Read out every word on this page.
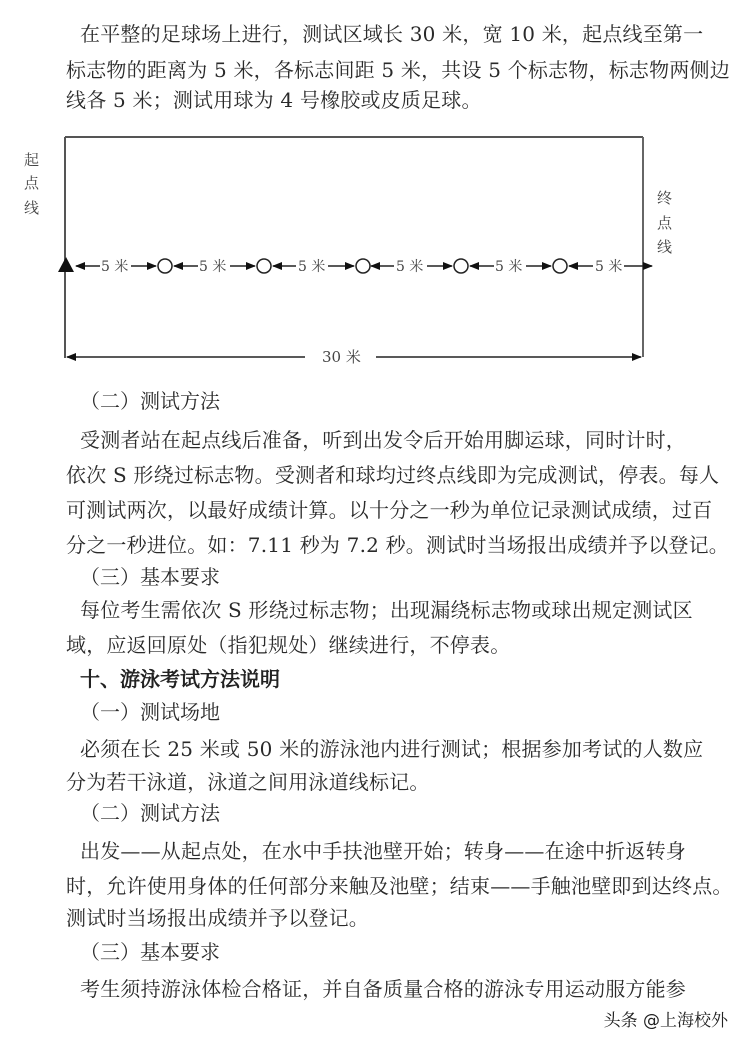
在平整的足球场上进行，测试区域长 30 米，宽 10 米，起点线至第一
标志物的距离为 5 米，各标志间距 5 米，共设 5 个标志物，标志物两侧边
线各 5 米；测试用球为 4 号橡胶或皮质足球。
起
点
线
终
点
线
5 米	5 米	5 米	5 米	5 米	5 米
30 米
（二）测试方法
受测者站在起点线后准备，听到出发令后开始用脚运球，同时计时，
依次 S 形绕过标志物。受测者和球均过终点线即为完成测试，停表。每人
可测试两次，以最好成绩计算。以十分之一秒为单位记录测试成绩，过百
分之一秒进位。如：7.11 秒为 7.2 秒。测试时当场报出成绩并予以登记。
（三）基本要求
每位考生需依次 S 形绕过标志物；出现漏绕标志物或球出规定测试区
域，应返回原处（指犯规处）继续进行，不停表。
十、游泳考试方法说明
（一）测试场地
必须在长 25 米或 50 米的游泳池内进行测试；根据参加考试的人数应
分为若干泳道，泳道之间用泳道线标记。
（二）测试方法
出发——从起点处，在水中手扶池壁开始；转身——在途中折返转身
时，允许使用身体的任何部分来触及池壁；结束——手触池壁即到达终点。
测试时当场报出成绩并予以登记。
（三）基本要求
考生须持游泳体检合格证，并自备质量合格的游泳专用运动服方能参
头条 @上海校外
